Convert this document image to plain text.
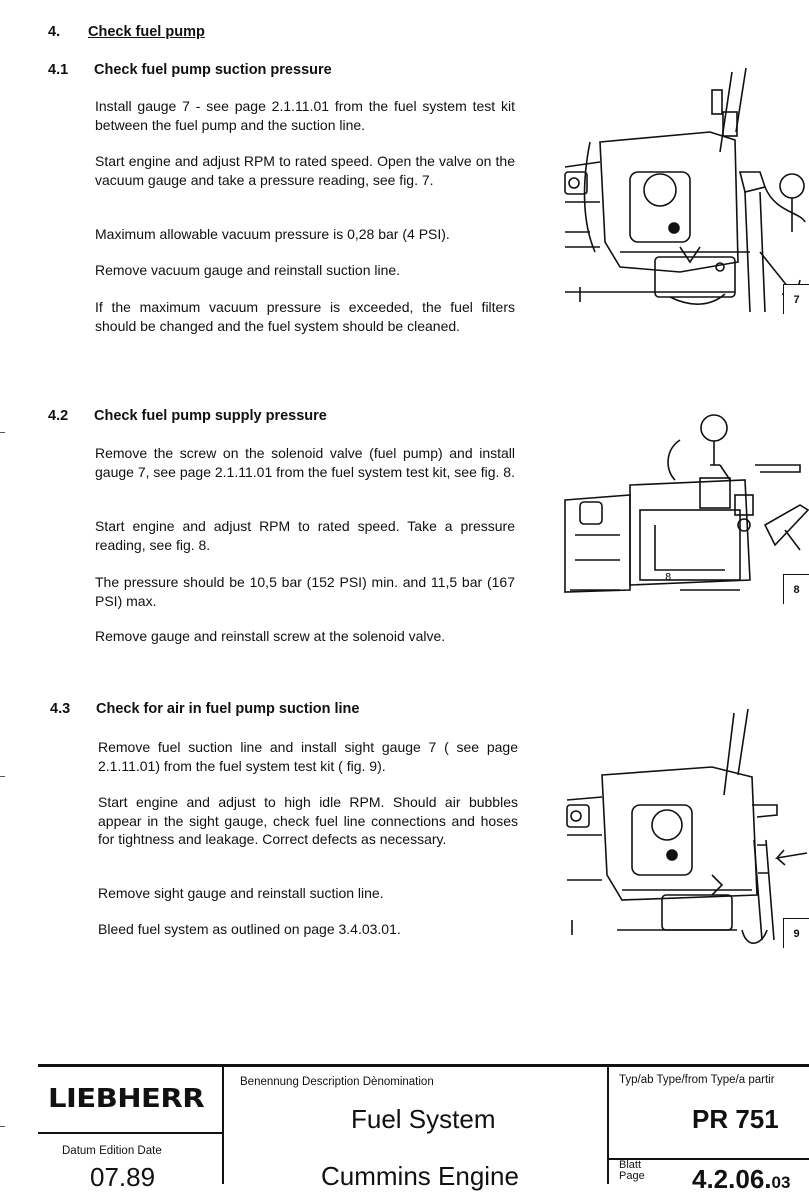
4. Check fuel pump
4.1 Check fuel pump suction pressure
Install gauge 7 - see page 2.1.11.01 from the fuel system test kit between the fuel pump and the suction line.
Start engine and adjust RPM to rated speed. Open the valve on the vacuum gauge and take a pressure reading, see fig. 7.
Maximum allowable vacuum pressure is 0,28 bar (4 PSI).
Remove vacuum gauge and reinstall suction line.
If the maximum vacuum pressure is exceeded, the fuel filters should be changed and the fuel system should be cleaned.
4.2 Check fuel pump supply pressure
Remove the screw on the solenoid valve (fuel pump) and install gauge 7, see page 2.1.11.01 from the fuel system test kit, see fig. 8.
Start engine and adjust RPM to rated speed. Take a pressure reading, see fig. 8.
The pressure should be 10,5 bar (152 PSI) min. and 11,5 bar (167 PSI) max.
Remove gauge and reinstall screw at the solenoid valve.
4.3 Check for air in fuel pump suction line
Remove fuel suction line and install sight gauge 7 ( see page 2.1.11.01) from the fuel system test kit ( fig. 9).
Start engine and adjust to high idle RPM. Should air bubbles appear in the sight gauge, check fuel line connections and hoses for tightness and leakage. Correct defects as necessary.
Remove sight gauge and reinstall suction line.
Bleed fuel system as outlined on page 3.4.03.01.
7
8
8
9
LIEBHERR
Datum Edition Date
07.89
Benennung Description Dènomination
Fuel System
Cummins Engine
Typ/ab Type/from Type/a partir
PR 751
Blatt
Page 4.2.06.03
